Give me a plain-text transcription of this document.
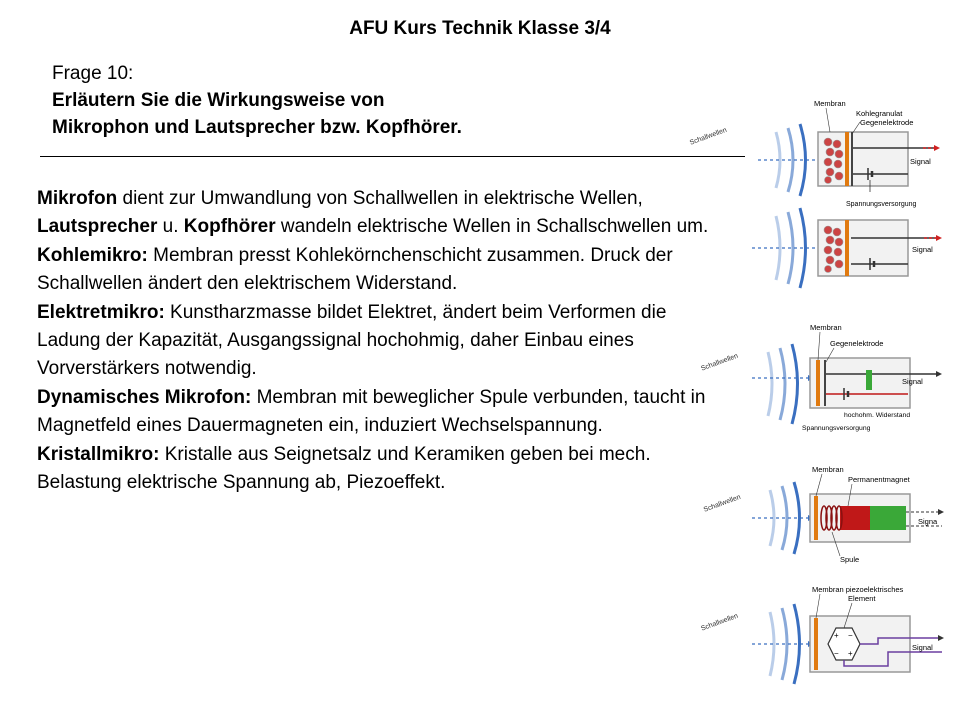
AFU Kurs Technik Klasse 3/4
Frage 10:
Erläutern Sie die Wirkungsweise von
Mikrophon und Lautsprecher bzw. Kopfhörer.

Mikrofon dient zur Umwandlung von Schallwellen in elektrische Wellen, Lautsprecher u. Kopfhörer wandeln elektrische Wellen in Schallschwellen um.

Kohlemikro: Membran presst Kohlekörnchenschicht zusammen. Druck der Schallwellen ändert den elektrischem Widerstand.

Elektretmikro: Kunstharzmasse bildet Elektret, ändert beim Verformen die Ladung der Kapazität, Ausgangssignal hochohmig, daher Einbau eines Vorverstärkers notwendig.

Dynamisches Mikrofon: Membran mit beweglicher Spule verbunden, taucht in Magnetfeld eines Dauermagneten ein, induziert Wechselspannung.

Kristallmikro: Kristalle aus Seignetsalz und Keramiken geben bei mech. Belastung elektrische Spannung ab, Piezoeffekt.

Membran
Kohlegranulat
Gegenelektrode
Schallwellen
Signal
Spannungsversorgung
Signal
Membran
Gegenelektrode
Schallwellen
Signal
hochohm. Widerstand
Spannungsversorgung
Membran
Permanentmagnet
Schallwellen
Signa
Spule
+ −
− +
Membran piezoelektrisches
Element
Schallwellen
Signal
